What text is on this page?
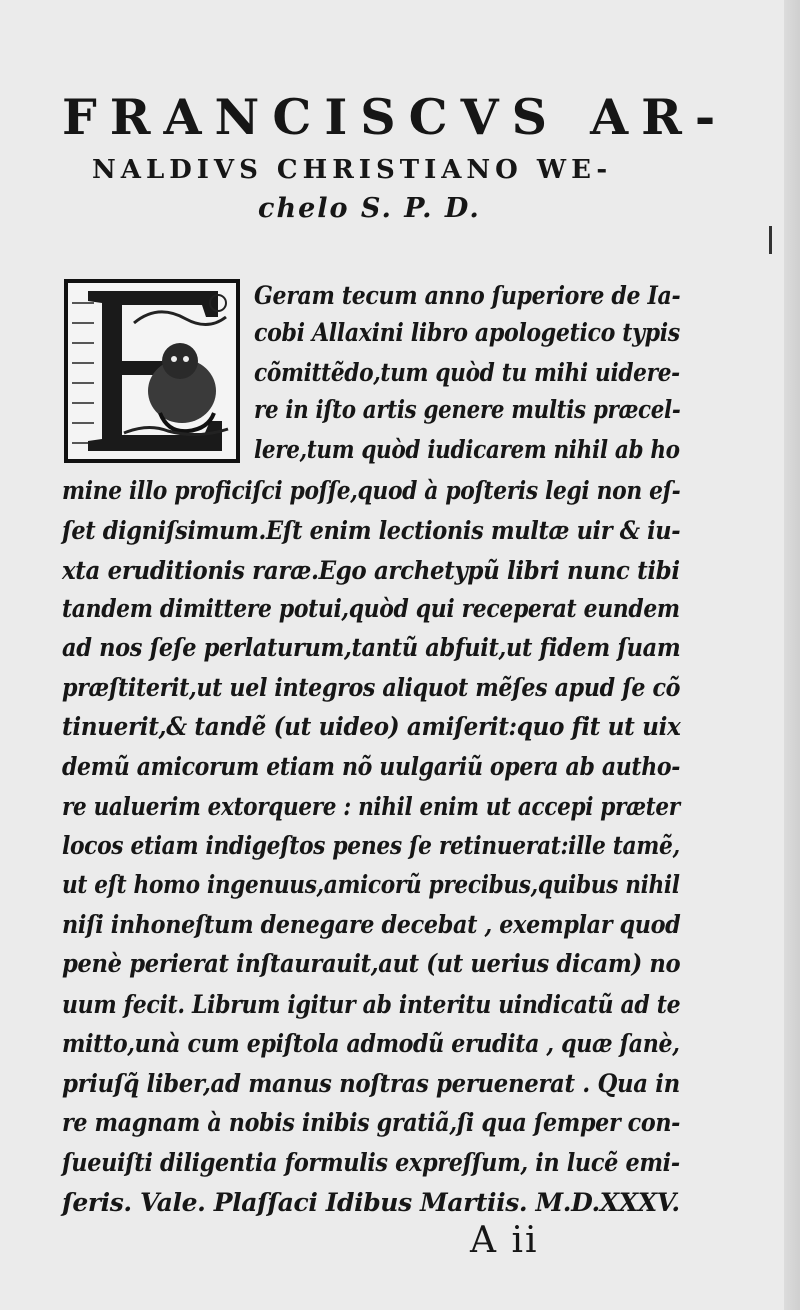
FRANCISCVS AR-
NALDIVS CHRISTIANO WE-
chelo S. P. D.
Geram tecum anno ſuperiore de Ia-
cobi Allaxini libro apologetico typis
cõmittẽdo,tum quòd tu mihi uidere-
re in iſto artis genere multis præcel-
lere,tum quòd iudicarem nihil ab ho
mine illo proficiſci poſſe,quod à poſteris legi non eſ-
ſet digniſsimum.Eſt enim lectionis multæ uir & iu-
xta eruditionis raræ.Ego archetypũ libri nunc tibi
tandem dimittere potui,quòd qui receperat eundem
ad nos ſeſe perlaturum,tantũ abfuit,ut fidem ſuam
præſtiterit,ut uel integros aliquot mẽſes apud ſe cõ
tinuerit,& tandẽ (ut uideo) amiſerit:quo fit ut uix
demũ amicorum etiam nõ uulgariũ opera ab autho-
re ualuerim extorquere : nihil enim ut accepi præter
locos etiam indigeſtos penes ſe retinuerat:ille tamẽ,
ut eſt homo ingenuus,amicorũ precibus,quibus nihil
niſi inhoneſtum denegare decebat , exemplar quod
penè perierat inſtaurauit,aut (ut uerius dicam) no
uum fecit. Librum igitur ab interitu uindicatũ ad te
mitto,unà cum epiſtola admodũ erudita , quæ ſanè,
priuſq̃ liber,ad manus noſtras peruenerat . Qua in
re magnam à nobis inibis gratiã,ſi qua ſemper con-
ſueuiſti diligentia formulis expreſſum, in lucẽ emi-
ſeris. Vale. Plaſſaci Idibus Martiis. M.D.XXXV.
A ii
